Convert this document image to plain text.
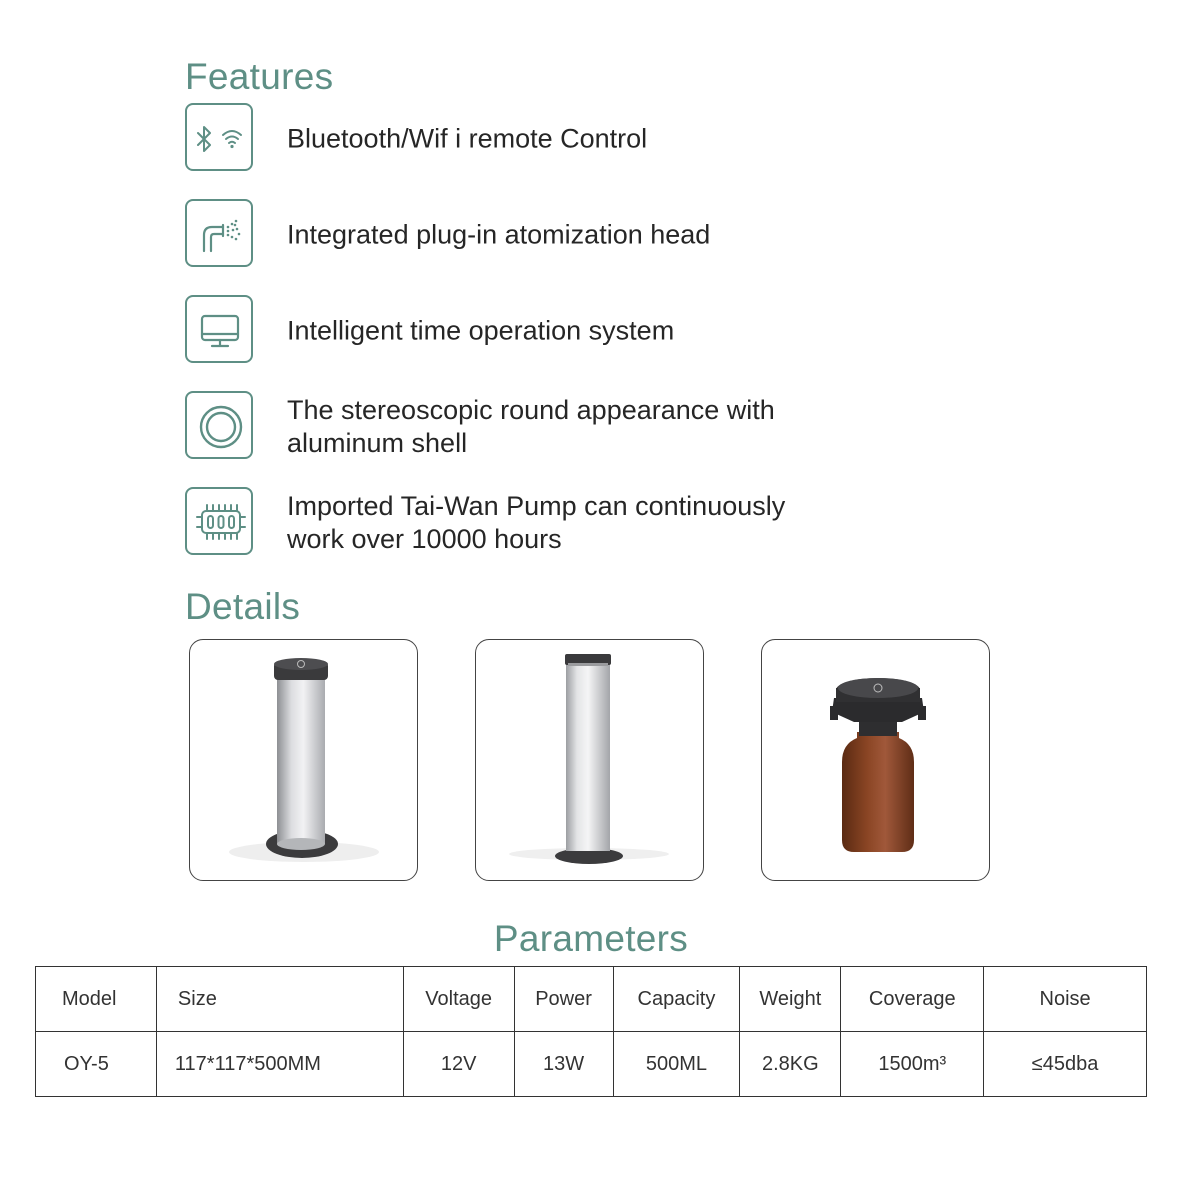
Features
Bluetooth/Wif i remote Control
Integrated plug-in atomization head
Intelligent time operation system
The stereoscopic round appearance with
aluminum shell
Imported Tai-Wan Pump can continuously
work over 10000 hours
Details
Parameters
Model	Size	Voltage	Power	Capacity	Weight	Coverage	Noise
OY-5	117*117*500MM	12V	13W	500ML	2.8KG	1500m³	≤45dba
